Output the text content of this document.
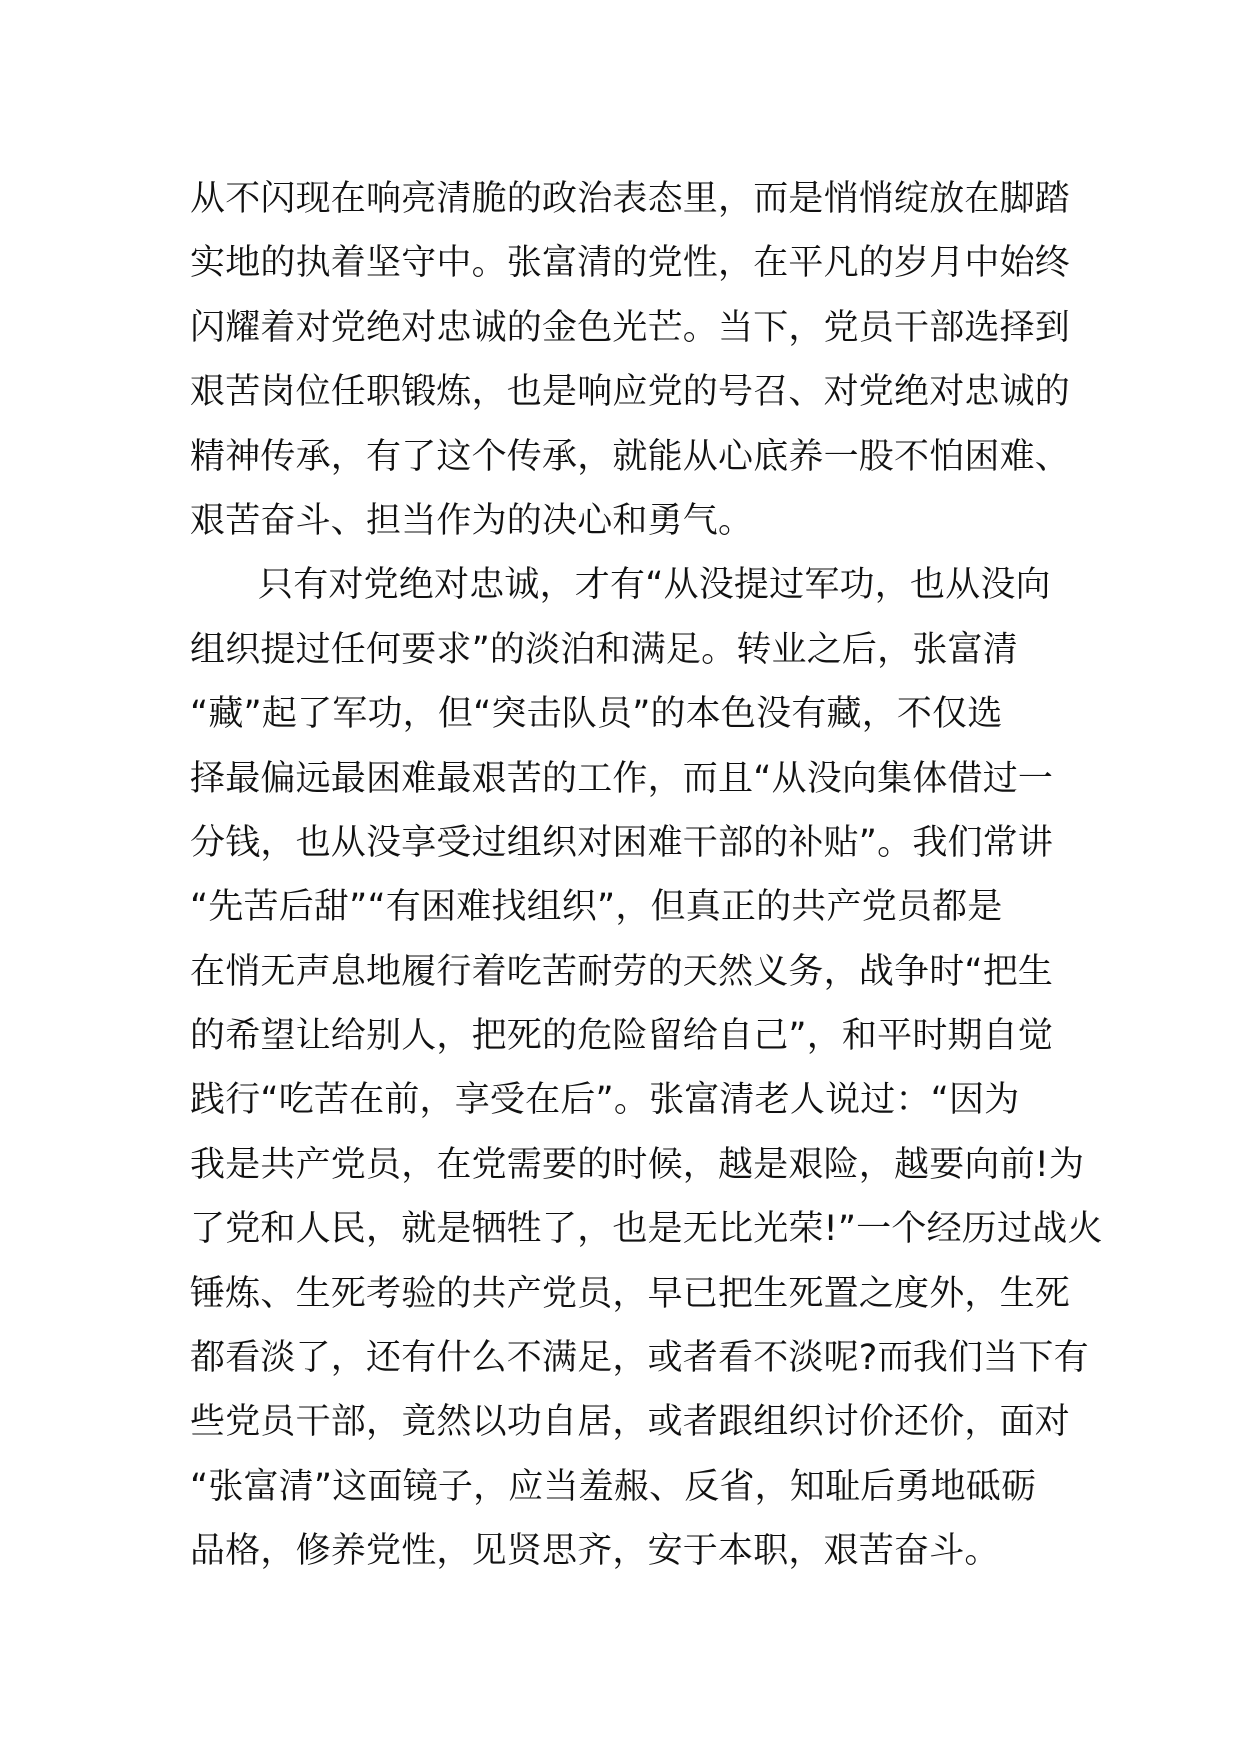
从不闪现在响亮清脆的政治表态里，而是悄悄绽放在脚踏
实地的执着坚守中。张富清的党性，在平凡的岁月中始终
闪耀着对党绝对忠诚的金色光芒。当下，党员干部选择到
艰苦岗位任职锻炼，也是响应党的号召、对党绝对忠诚的
精神传承，有了这个传承，就能从心底养一股不怕困难、
艰苦奋斗、担当作为的决心和勇气。
只有对党绝对忠诚，才有“从没提过军功，也从没向
组织提过任何要求”的淡泊和满足。转业之后，张富清
“藏”起了军功，但“突击队员”的本色没有藏，不仅选
择最偏远最困难最艰苦的工作，而且“从没向集体借过一
分钱，也从没享受过组织对困难干部的补贴”。我们常讲
“先苦后甜”“有困难找组织”，但真正的共产党员都是
在悄无声息地履行着吃苦耐劳的天然义务，战争时“把生
的希望让给别人，把死的危险留给自己”，和平时期自觉
践行“吃苦在前，享受在后”。张富清老人说过：“因为
我是共产党员，在党需要的时候，越是艰险，越要向前!为
了党和人民，就是牺牲了，也是无比光荣!”一个经历过战火
锤炼、生死考验的共产党员，早已把生死置之度外，生死
都看淡了，还有什么不满足，或者看不淡呢?而我们当下有
些党员干部，竟然以功自居，或者跟组织讨价还价，面对
“张富清”这面镜子，应当羞赧、反省，知耻后勇地砥砺
品格，修养党性，见贤思齐，安于本职，艰苦奋斗。
